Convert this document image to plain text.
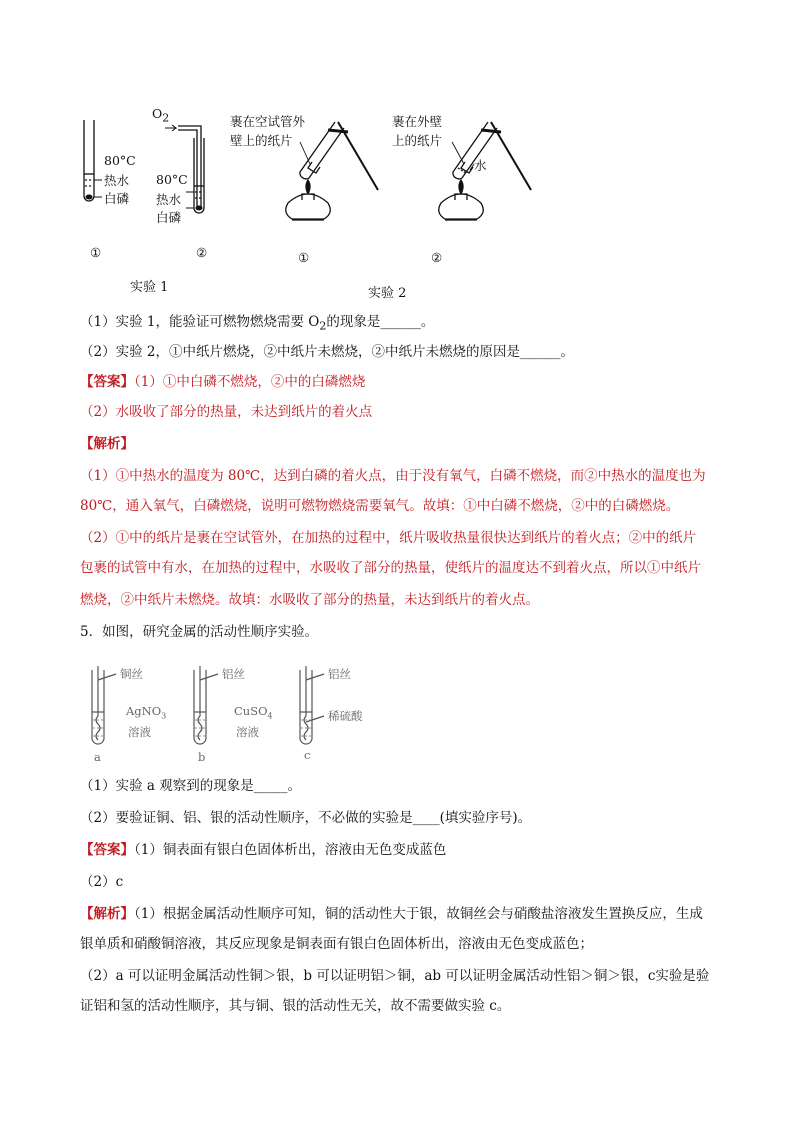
80°C
热水
白磷
①
$O_2$
80°C
热水
白磷
②
实验 1
裹在空试管外
壁上的纸片
①
裹在外壁
上的纸片
水
②
实验 2
（1）实验 1，能验证可燃物燃烧需要 $O_2$的现象是______。
（2）实验 2，①中纸片燃烧，②中纸片未燃烧，②中纸片未燃烧的原因是______。
【答案】（1）①中白磷不燃烧，②中的白磷燃烧
（2）水吸收了部分的热量，未达到纸片的着火点
【解析】
（1）①中热水的温度为 80℃，达到白磷的着火点，由于没有氧气，白磷不燃烧，而②中热水的温度也为
80℃，通入氧气，白磷燃烧，说明可燃物燃烧需要氧气。故填：①中白磷不燃烧，②中的白磷燃烧。
（2）①中的纸片是裹在空试管外，在加热的过程中，纸片吸收热量很快达到纸片的着火点；②中的纸片
包裹的试管中有水，在加热的过程中，水吸收了部分的热量，使纸片的温度达不到着火点，所以①中纸片
燃烧，②中纸片未燃烧。故填：水吸收了部分的热量，未达到纸片的着火点。
5．如图，研究金属的活动性顺序实验。
铜丝
AgNO$_3$
溶液
a
铝丝
CuSO$_4$
溶液
b
铝丝
稀硫酸
c
（1）实验 a 观察到的现象是_____。
（2）要验证铜、铝、银的活动性顺序，不必做的实验是____(填实验序号)。
【答案】（1）铜表面有银白色固体析出，溶液由无色变成蓝色
（2）c
【解析】（1）根据金属活动性顺序可知，铜的活动性大于银，故铜丝会与硝酸盐溶液发生置换反应，生成
银单质和硝酸铜溶液，其反应现象是铜表面有银白色固体析出，溶液由无色变成蓝色；
（2）a 可以证明金属活动性铜＞银，b 可以证明铝＞铜，ab 可以证明金属活动性铝＞铜＞银，c实验是验
证铝和氢的活动性顺序，其与铜、银的活动性无关，故不需要做实验 c。
